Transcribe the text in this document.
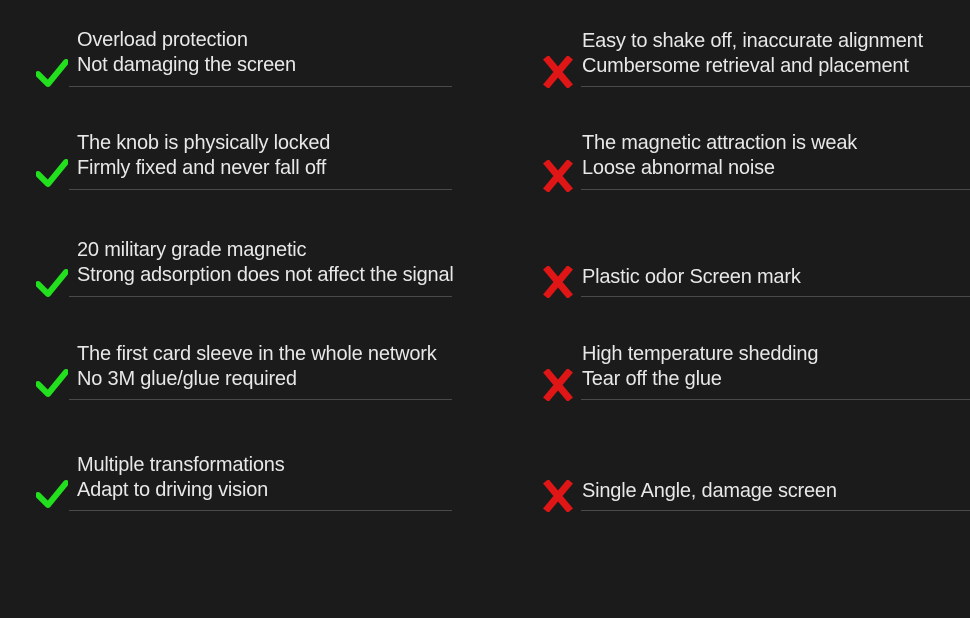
Overload protection
Not damaging the screen
The knob is physically locked
Firmly fixed and never fall off
20 military grade magnetic
Strong adsorption does not affect the signal
The first card sleeve in the whole network
No 3M glue/glue required
Multiple transformations
Adapt to driving vision
Easy to shake off, inaccurate alignment
Cumbersome retrieval and placement
The magnetic attraction is weak
Loose abnormal noise
Plastic odor Screen mark
High temperature shedding
Tear off the glue
Single Angle, damage screen
